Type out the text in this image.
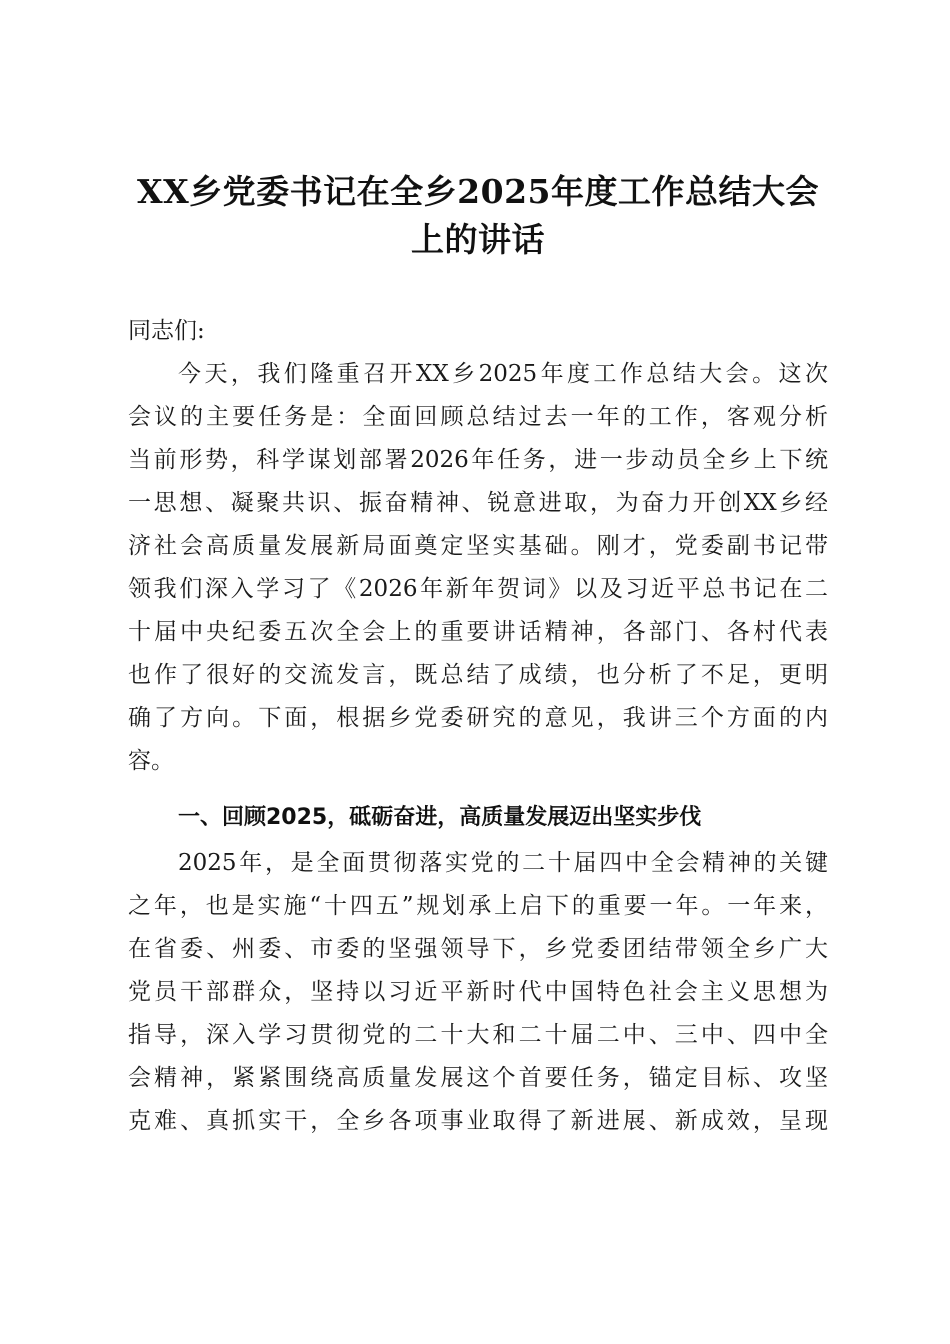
XX乡党委书记在全乡2025年度工作总结大会
上的讲话

同志们:

今天，我们隆重召开XX乡2025年度工作总结大会。这次

会议的主要任务是：全面回顾总结过去一年的工作，客观分析

当前形势，科学谋划部署2026年任务，进一步动员全乡上下统

一思想、凝聚共识、振奋精神、锐意进取，为奋力开创XX乡经

济社会高质量发展新局面奠定坚实基础。刚才，党委副书记带

领我们深入学习了《2026年新年贺词》以及习近平总书记在二

十届中央纪委五次全会上的重要讲话精神，各部门、各村代表

也作了很好的交流发言，既总结了成绩，也分析了不足，更明

确了方向。下面，根据乡党委研究的意见，我讲三个方面的内

容。

一、回顾2025，砥砺奋进，高质量发展迈出坚实步伐

2025年，是全面贯彻落实党的二十届四中全会精神的关键

之年，也是实施“十四五”规划承上启下的重要一年。一年来，

在省委、州委、市委的坚强领导下，乡党委团结带领全乡广大

党员干部群众，坚持以习近平新时代中国特色社会主义思想为

指导，深入学习贯彻党的二十大和二十届二中、三中、四中全

会精神，紧紧围绕高质量发展这个首要任务，锚定目标、攻坚

克难、真抓实干，全乡各项事业取得了新进展、新成效，呈现
